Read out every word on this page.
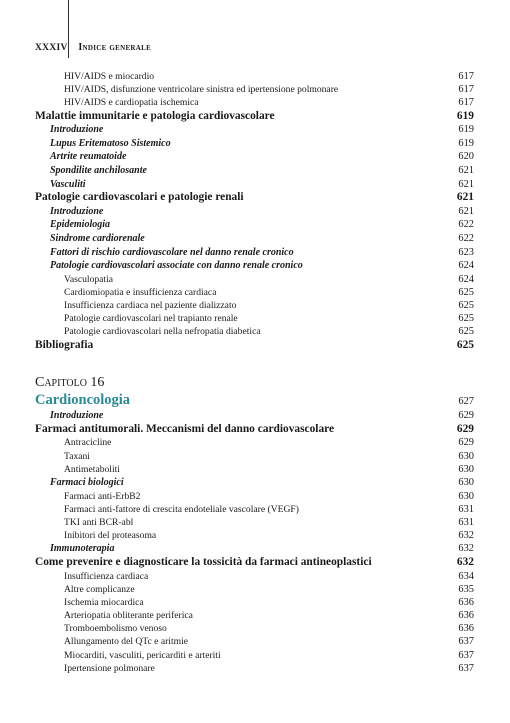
XXXIV Indice generale
HIV/AIDS e miocardio	617
HIV/AIDS, disfunzione ventricolare sinistra ed ipertensione polmonare	617
HIV/AIDS e cardiopatia ischemica	617
Malattie immunitarie e patologia cardiovascolare	619
Introduzione	619
Lupus Eritematoso Sistemico	619
Artrite reumatoide	620
Spondilite anchilosante	621
Vasculiti	621
Patologie cardiovascolari e patologie renali	621
Introduzione	621
Epidemiologia	622
Sindrome cardiorenale	622
Fattori di rischio cardiovascolare nel danno renale cronico	623
Patologie cardiovascolari associate con danno renale cronico	624
Vasculopatia	624
Cardiomiopatia e insufficienza cardiaca	625
Insufficienza cardiaca nel paziente dializzato	625
Patologie cardiovascolari nel trapianto renale	625
Patologie cardiovascolari nella nefropatia diabetica	625
Bibliografia	625
Capitolo 16
Cardioncologia	627
Introduzione	629
Farmaci antitumorali. Meccanismi del danno cardiovascolare	629
Antracicline	629
Taxani	630
Antimetaboliti	630
Farmaci biologici	630
Farmaci anti-ErbB2	630
Farmaci anti-fattore di crescita endoteliale vascolare (VEGF)	631
TKI anti BCR-abl	631
Inibitori del proteasoma	632
Immunoterapia	632
Come prevenire e diagnosticare la tossicità da farmaci antineoplastici	632
Insufficienza cardiaca	634
Altre complicanze	635
Ischemia miocardica	636
Arteriopatia obliterante periferica	636
Tromboembolismo venoso	636
Allungamento del QTc e aritmie	637
Miocarditi, vasculiti, pericarditi e arteriti	637
Ipertensione polmonare	637
